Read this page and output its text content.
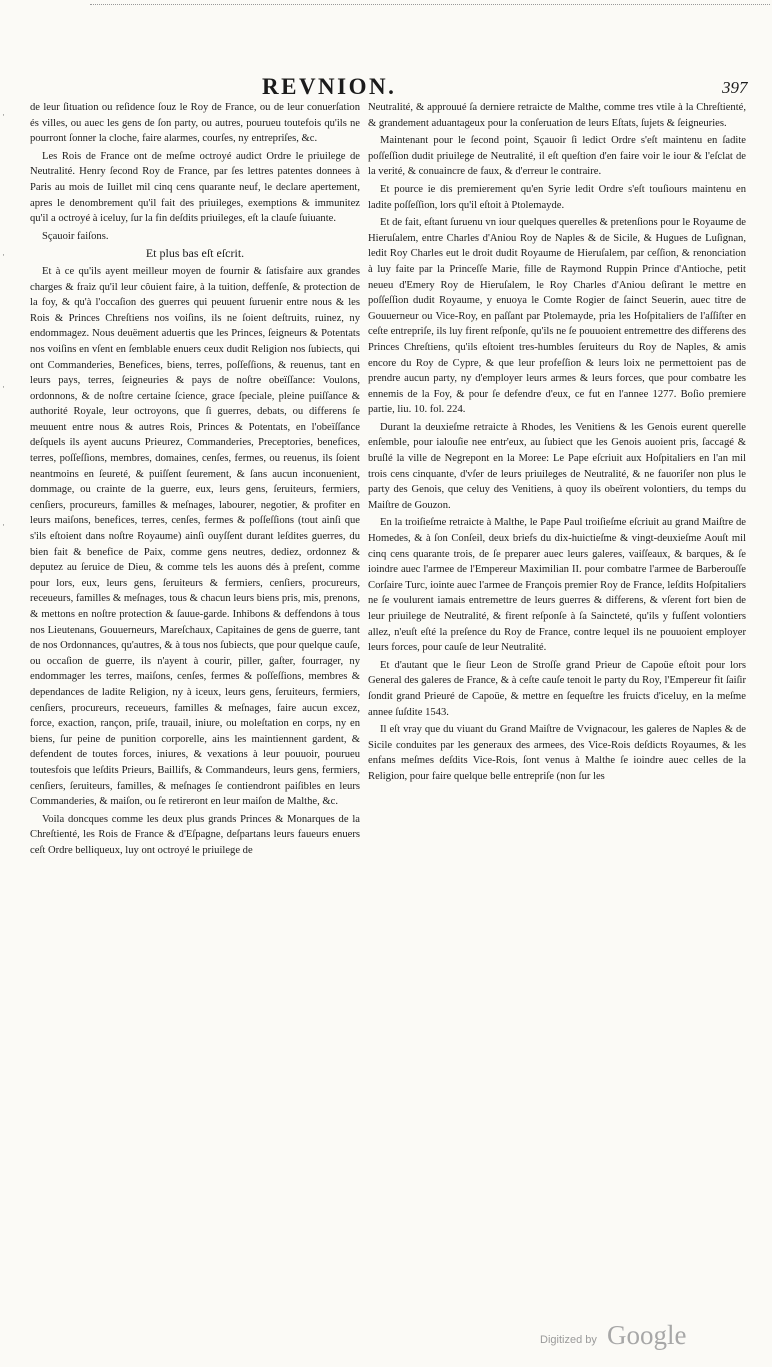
REVNION.	397
·
·
·
·

de leur ſituation ou reſidence ſouz le Roy de France, ou de leur conuerſation és villes, ou auec les gens de ſon party, ou autres, pourueu toutefois qu'ils ne pourront ſonner la cloche, faire alarmes, courſes, ny entrepriſes, &c.

Les Rois de France ont de meſme octroyé audict Ordre le priuilege de Neutralité. Henry ſecond Roy de France, par ſes lettres patentes donnees à Paris au mois de Iuillet mil cinq cens quarante neuf, le declare apertement, apres le denombrement qu'il fait des priuileges, exemptions & immunitez qu'il a octroyé à iceluy, ſur la fin deſdits priuileges, eſt la clauſe ſuiuante.

Sçauoir faiſons.

Et plus bas eſt eſcrit.

Et à ce qu'ils ayent meilleur moyen de fournir & ſatisfaire aux grandes charges & fraiz qu'il leur côuient faire, à la tuition, deffenſe, & protection de la foy, & qu'à l'occaſion des guerres qui peuuent ſuruenir entre nous & les Rois & Princes Chreſtiens nos voiſins, ils ne ſoient deſtruits, ruinez, ny endommagez. Nous deuëment aduertis que les Princes, ſeigneurs & Potentats nos voiſins en vſent en ſemblable enuers ceux dudit Religion nos ſubiects, qui ont Commanderies, Benefices, biens, terres, poſſeſſions, & reuenus, tant en leurs pays, terres, ſeigneuries & pays de noſtre obeïſſance: Voulons, ordonnons, & de noſtre certaine ſcience, grace ſpeciale, pleine puiſſance & authorité Royale, leur octroyons, que ſi guerres, debats, ou differens ſe meuuent entre nous & autres Rois, Princes & Potentats, en l'obeïſſance deſquels ils ayent aucuns Prieurez, Commanderies, Preceptories, benefices, terres, poſſeſſions, membres, domaines, cenſes, fermes, ou reuenus, ils ſoient neantmoins en ſeureté, & puiſſent ſeurement, & ſans aucun inconuenient, dommage, ou crainte de la guerre, eux, leurs gens, ſeruiteurs, fermiers, cenſiers, procureurs, familles & meſnages, labourer, negotier, & profiter en leurs maiſons, benefices, terres, cenſes, fermes & poſſeſſions (tout ainſi que s'ils eſtoient dans noſtre Royaume) ainſi ouyſſent durant leſdites guerres, du bien fait & benefice de Paix, comme gens neutres, dediez, ordonnez & deputez au ſeruice de Dieu, & comme tels les auons dés à preſent, comme pour lors, eux, leurs gens, ſeruiteurs & fermiers, cenſiers, procureurs, receueurs, familles & meſnages, tous & chacun leurs biens pris, mis, prenons, & mettons en noſtre protection & ſauue-garde. Inhibons & deffendons à tous nos Lieutenans, Gouuerneurs, Mareſchaux, Capitaines de gens de guerre, tant de nos Ordonnances, qu'autres, & à tous nos ſubiects, que pour quelque cauſe, ou occaſion de guerre, ils n'ayent à courir, piller, gaſter, fourrager, ny endommager les terres, maiſons, cenſes, fermes & poſſeſſions, membres & dependances de ladite Religion, ny à iceux, leurs gens, ſeruiteurs, fermiers, cenſiers, procureurs, receueurs, familles & meſnages, faire aucun excez, force, exaction, rançon, priſe, trauail, iniure, ou moleſtation en corps, ny en biens, ſur peine de punition corporelle, ains les maintiennent gardent, & defendent de toutes forces, iniures, & vexations à leur pouuoir, pourueu toutesfois que leſdits Prieurs, Baillifs, & Commandeurs, leurs gens, fermiers, cenſiers, ſeruiteurs, familles, & meſnages ſe contiendront paiſibles en leurs Commanderies, & maiſon, ou ſe retireront en leur maiſon de Malthe, &c.

Voila doncques comme les deux plus grands Princes & Monarques de la Chreſtienté, les Rois de France & d'Eſpagne, deſpartans leurs faueurs enuers ceſt Ordre belliqueux, luy ont octroyé le priuilege de

Neutralité, & approuué ſa derniere retraicte de Malthe, comme tres vtile à la Chreſtienté, & grandement aduantageux pour la conſeruation de leurs Eſtats, ſujets & ſeigneuries.

Maintenant pour le ſecond point, Sçauoir ſi ledict Ordre s'eſt maintenu en ſadite poſſeſſion dudit priuilege de Neutralité, il eſt queſtion d'en faire voir le iour & l'eſclat de la verité, & conuaincre de faux, & d'erreur le contraire.

Et pource ie dis premierement qu'en Syrie ledit Ordre s'eſt touſiours maintenu en ladite poſſeſſion, lors qu'il eſtoit à Ptolemayde.

Et de fait, eſtant ſuruenu vn iour quelques querelles & pretenſions pour le Royaume de Hieruſalem, entre Charles d'Aniou Roy de Naples & de Sicile, & Hugues de Luſignan, ledit Roy Charles eut le droit dudit Royaume de Hieruſalem, par ceſſion, & renonciation à luy faite par la Princeſſe Marie, fille de Raymond Ruppin Prince d'Antioche, petit neueu d'Emery Roy de Hieruſalem, le Roy Charles d'Aniou deſirant le mettre en poſſeſſion dudit Royaume, y enuoya le Comte Rogier de ſainct Seuerin, auec titre de Gouuerneur ou Vice-Roy, en paſſant par Ptolemayde, pria les Hoſpitaliers de l'aſſiſter en ceſte entrepriſe, ils luy firent reſponſe, qu'ils ne ſe pouuoient entremettre des differens des Princes Chreſtiens, qu'ils eſtoient tres-humbles ſeruiteurs du Roy de Naples, & amis encore du Roy de Cypre, & que leur profeſſion & leurs loix ne permettoient pas de prendre aucun party, ny d'employer leurs armes & leurs forces, que pour combatre les ennemis de la Foy, & pour ſe defendre d'eux, ce fut en l'annee 1277. Boſio premiere partie, liu. 10. fol. 224.

Durant la deuxieſme retraicte à Rhodes, les Venitiens & les Genois eurent querelle enſemble, pour ialouſie nee entr'eux, au ſubiect que les Genois auoient pris, ſaccagé & bruſlé la ville de Negrepont en la Moree: Le Pape eſcriuit aux Hoſpitaliers en l'an mil trois cens cinquante, d'vſer de leurs priuileges de Neutralité, & ne fauoriſer non plus le party des Genois, que celuy des Venitiens, à quoy ils obeïrent volontiers, du temps du Maiſtre de Gouzon.

En la troiſieſme retraicte à Malthe, le Pape Paul troiſieſme eſcriuit au grand Maiſtre de Homedes, & à ſon Conſeil, deux briefs du dix-huictieſme & vingt-deuxieſme Aouſt mil cinq cens quarante trois, de ſe preparer auec leurs galeres, vaiſſeaux, & barques, & ſe ioindre auec l'armee de l'Empereur Maximilian II. pour combatre l'armee de Barberouſſe Corſaire Turc, iointe auec l'armee de François premier Roy de France, leſdits Hoſpitaliers ne ſe voulurent iamais entremettre de leurs guerres & differens, & vſerent fort bien de leur priuilege de Neutralité, & firent reſponſe à ſa Saincteté, qu'ils y fuſſent volontiers allez, n'euſt eſté la preſence du Roy de France, contre lequel ils ne pouuoient employer leurs forces, pour cauſe de leur Neutralité.

Et d'autant que le ſieur Leon de Stroſſe grand Prieur de Capoüe eſtoit pour lors General des galeres de France, & à ceſte cauſe tenoit le party du Roy, l'Empereur fit ſaiſir ſondit grand Prieuré de Capoüe, & mettre en ſequeſtre les fruicts d'iceluy, en la meſme annee ſuſdite 1543.

Il eſt vray que du viuant du Grand Maiſtre de Vvignacour, les galeres de Naples & de Sicile conduites par les generaux des armees, des Vice-Rois deſdicts Royaumes, & les enfans meſmes deſdits Vice-Rois, ſont venus à Malthe ſe ioindre auec celles de la Religion, pour faire quelque belle entrepriſe (non ſur les

Digitized by Google
